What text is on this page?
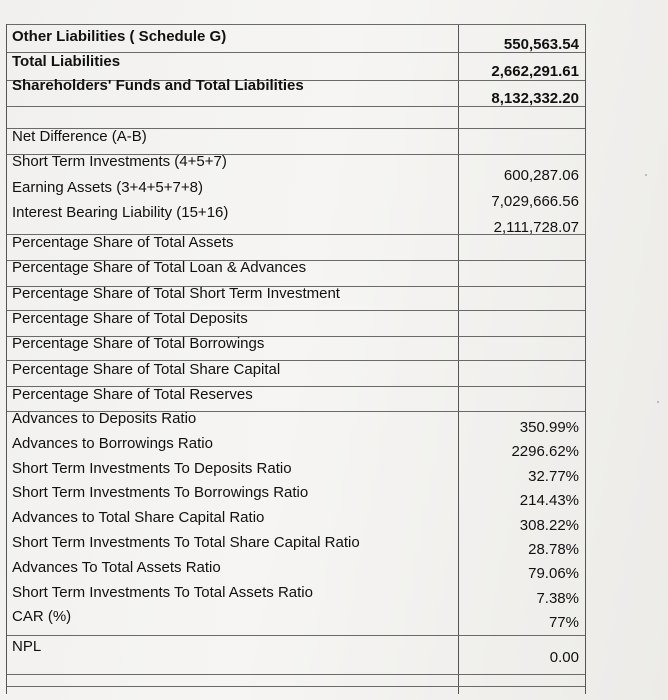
Other Liabilities ( Schedule G)
Total Liabilities
Shareholders' Funds and Total Liabilities
550,563.54
2,662,291.61
8,132,332.20
Net Difference (A-B)
Short Term Investments (4+5+7)
Earning Assets (3+4+5+7+8)
Interest Bearing Liability (15+16)
600,287.06
7,029,666.56
2,111,728.07
Percentage Share of Total Assets
Percentage Share of Total Loan & Advances
Percentage Share of Total Short Term Investment
Percentage Share of Total Deposits
Percentage Share of Total Borrowings
Percentage Share of Total Share Capital
Percentage Share of Total Reserves
Advances to Deposits Ratio
Advances to Borrowings Ratio
Short Term Investments To Deposits Ratio
Short Term Investments To Borrowings Ratio
Advances to Total Share Capital Ratio
Short Term Investments To Total Share Capital Ratio
Advances To Total Assets Ratio
Short Term Investments To Total Assets Ratio
CAR (%)
350.99%
2296.62%
32.77%
214.43%
308.22%
28.78%
79.06%
7.38%
77%
NPL
0.00
